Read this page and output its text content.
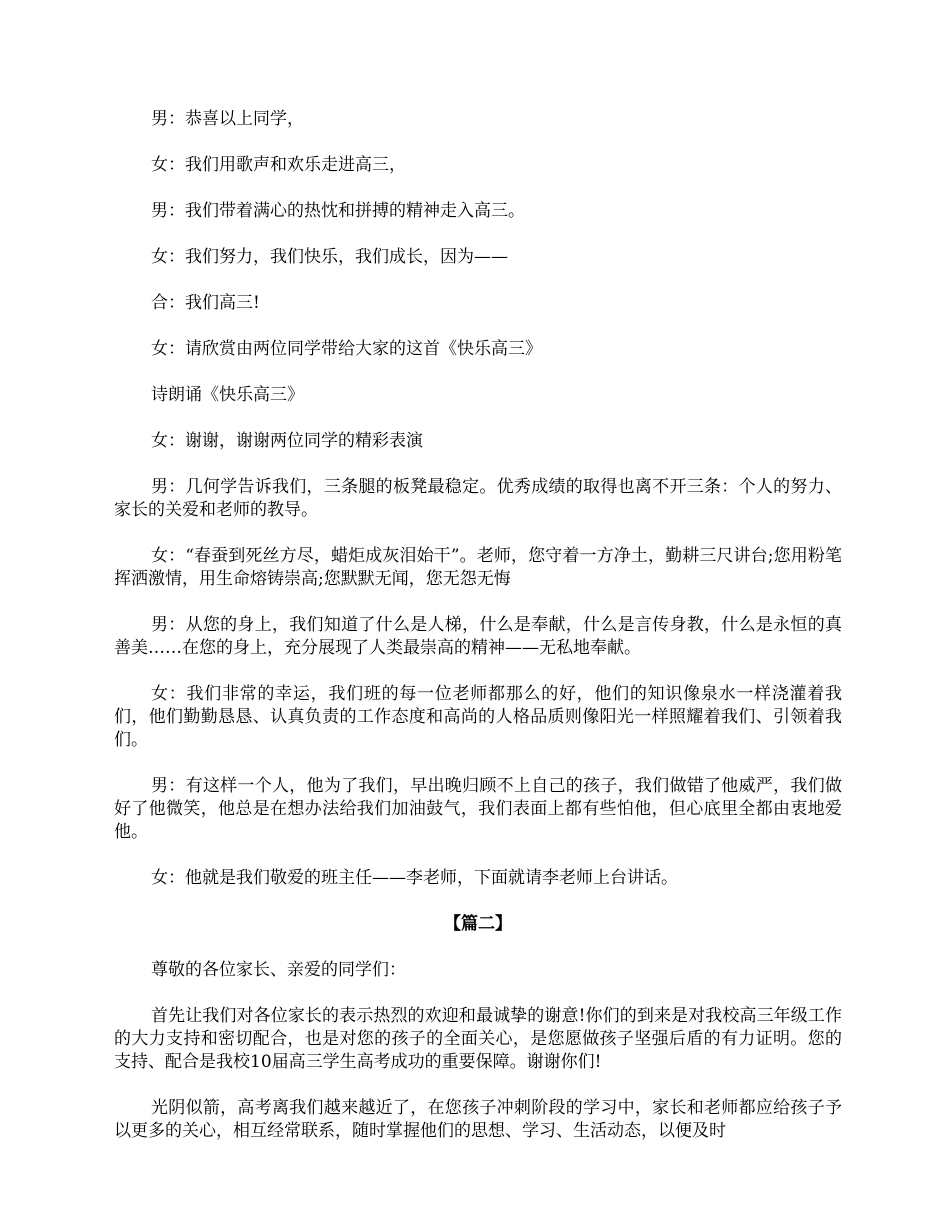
男：恭喜以上同学，

女：我们用歌声和欢乐走进高三，

男：我们带着满心的热忱和拼搏的精神走入高三。

女：我们努力，我们快乐，我们成长，因为——

合：我们高三!

女：请欣赏由两位同学带给大家的这首《快乐高三》

诗朗诵《快乐高三》

女：谢谢，谢谢两位同学的精彩表演

男：几何学告诉我们，三条腿的板凳最稳定。优秀成绩的取得也离不开三条：个人的努力、家长的关爱和老师的教导。

女：“春蚕到死丝方尽，蜡炬成灰泪始干”。老师，您守着一方净土，勤耕三尺讲台;您用粉笔挥洒激情，用生命熔铸崇高;您默默无闻，您无怨无悔

男：从您的身上，我们知道了什么是人梯，什么是奉献，什么是言传身教，什么是永恒的真善美……在您的身上，充分展现了人类最崇高的精神——无私地奉献。

女：我们非常的幸运，我们班的每一位老师都那么的好，他们的知识像泉水一样浇灌着我们，他们勤勤恳恳、认真负责的工作态度和高尚的人格品质则像阳光一样照耀着我们、引领着我们。

男：有这样一个人，他为了我们，早出晚归顾不上自己的孩子，我们做错了他威严，我们做好了他微笑，他总是在想办法给我们加油鼓气，我们表面上都有些怕他，但心底里全都由衷地爱他。

女：他就是我们敬爱的班主任——李老师，下面就请李老师上台讲话。

【篇二】

尊敬的各位家长、亲爱的同学们：

首先让我们对各位家长的表示热烈的欢迎和最诚挚的谢意!你们的到来是对我校高三年级工作的大力支持和密切配合，也是对您的孩子的全面关心，是您愿做孩子坚强后盾的有力证明。您的支持、配合是我校10届高三学生高考成功的重要保障。谢谢你们!

光阴似箭，高考离我们越来越近了，在您孩子冲刺阶段的学习中，家长和老师都应给孩子予以更多的关心，相互经常联系，随时掌握他们的思想、学习、生活动态，以便及时
